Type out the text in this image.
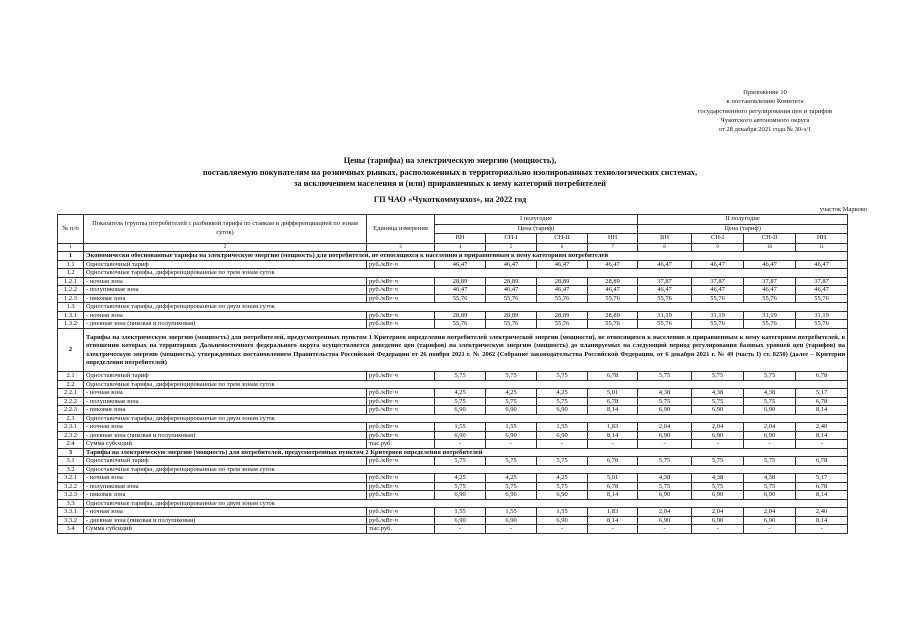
Приложение 10
к постановлению Комитета
государственного регулирования цен и тарифов
Чукотского автономного округа
от 28 декабря 2021 года № 30-э/1
Цены (тарифы) на электрическую энергию (мощность),
поставляемую покупателям на розничных рынках, расположенных в территориально изолированных технологических системах,
за исключением населения и (или) приравненных к нему категорий потребителей
ГП ЧАО «Чукоткоммунхоз», на 2022 год
участок Марково
№ п/п	Показатель (группы потребителей с разбивкой тарифа по ставкам и дифференциацией по зонам суток)	Единица измерения	I полугодие				II полугодие			
			Цена (тариф)				Цена (тариф)			
			ВН	СН-I	СН-II	НН	ВН	СН-I	СН-II	НН
1	2	3	4	5	6	7	8	9	10	11
1	Экономически обоснованные тарифы на электрическую энергию (мощность) для потребителей, не относящихся к населению и приравненным к нему категориям потребителей									
1.1	Одноставочный тариф	руб./кВт·ч	46,47	46,47	46,47	46,47	46,47	46,47	46,47	46,47
1.2	Одноставочные тарифы, дифференцированные по трем зонам суток									
1.2.1	- ночная зона	руб./кВт·ч	28,89	28,89	28,89	28,89	37,87	37,87	37,87	37,87
1.2.2	- полупиковая зона	руб./кВт·ч	46,47	46,47	46,47	46,47	46,47	46,47	46,47	46,47
1.2.3	- пиковая зона	руб./кВт·ч	55,76	55,76	55,76	55,76	55,76	55,76	55,76	55,76
1.3	Одноставочные тарифы, дифференцированные по двум зонам суток									
1.3.1	- ночная зона	руб./кВт·ч	28,89	28,89	28,89	28,89	31,19	31,19	31,19	31,19
1.3.2	- дневная зона (пиковая и полупиковая)	руб./кВт·ч	55,76	55,76	55,76	55,76	55,76	55,76	55,76	55,76
2	Тарифы на электрическую энергию (мощность) для потребителей, предусмотренных пунктом 1 Критериев определения потребителей электрической энергии (мощности), не относящихся к населению и приравненным к нему категориям потребителей, в отношении которых на территориях Дальневосточного федерального округа осуществляется доведение цен (тарифов) на электрическую энергию (мощность) до планируемых на следующий период регулирования базовых уровней цен (тарифов) на электрическую энергию (мощность), утвержденных постановлением Правительства Российской Федерации от 26 ноября 2021 г. № 2062 (Собрание законодательства Российской Федерации, от 6 декабря 2021 г. № 49 (часть I) ст. 8250) (далее – Критерии определения потребителей)									
2.1	Одноставочный тариф	руб./кВт·ч	5,75	5,75	5,75	6,78	5,75	5,75	5,75	6,78
2.2	Одноставочные тарифы, дифференцированные по трем зонам суток									
2.2.1	- ночная зона	руб./кВт·ч	4,25	4,25	4,25	5,01	4,38	4,38	4,38	5,17
2.2.2	- полупиковая зона	руб./кВт·ч	5,75	5,75	5,75	6,78	5,75	5,75	5,75	6,78
2.2.3	- пиковая зона	руб./кВт·ч	6,90	6,90	6,90	8,14	6,90	6,90	6,90	8,14
2.3	Одноставочные тарифы, дифференцированные по двум зонам суток									
2.3.1	- ночная зона	руб./кВт·ч	1,55	1,55	1,55	1,83	2,04	2,04	2,04	2,40
2.3.2	- дневная зона (пиковая и полупиковая)	руб./кВт·ч	6,90	6,90	6,90	8,14	6,90	6,90	6,90	8,14
2.4	Сумма субсидий	тыс.руб.	-	-	-	-	-	-	-	-
3	Тарифы на электрическую энергию (мощность) для потребителей, предусмотренных пунктом 2 Критериев определения потребителей									
3.1	Одноставочный тариф	руб./кВт·ч	5,75	5,75	5,75	6,78	5,75	5,75	5,75	6,78
3.2	Одноставочные тарифы, дифференцированные по трем зонам суток									
3.2.1	- ночная зона	руб./кВт·ч	4,25	4,25	4,25	5,01	4,38	4,38	4,38	5,17
3.2.2	- полупиковая зона	руб./кВт·ч	5,75	5,75	5,75	6,78	5,75	5,75	5,75	6,78
3.2.3	- пиковая зона	руб./кВт·ч	6,90	6,90	6,90	8,14	6,90	6,90	6,90	8,14
3.3	Одноставочные тарифы, дифференцированные по двум зонам суток									
3.3.1	- ночная зона	руб./кВт·ч	1,55	1,55	1,55	1,83	2,04	2,04	2,04	2,40
3.3.2	- дневная зона (пиковая и полупиковая)	руб./кВт·ч	6,90	6,90	6,90	8,14	6,90	6,90	6,90	8,14
3.4	Сумма субсидий	тыс.руб.	-	-	-	-	-	-	-	-
